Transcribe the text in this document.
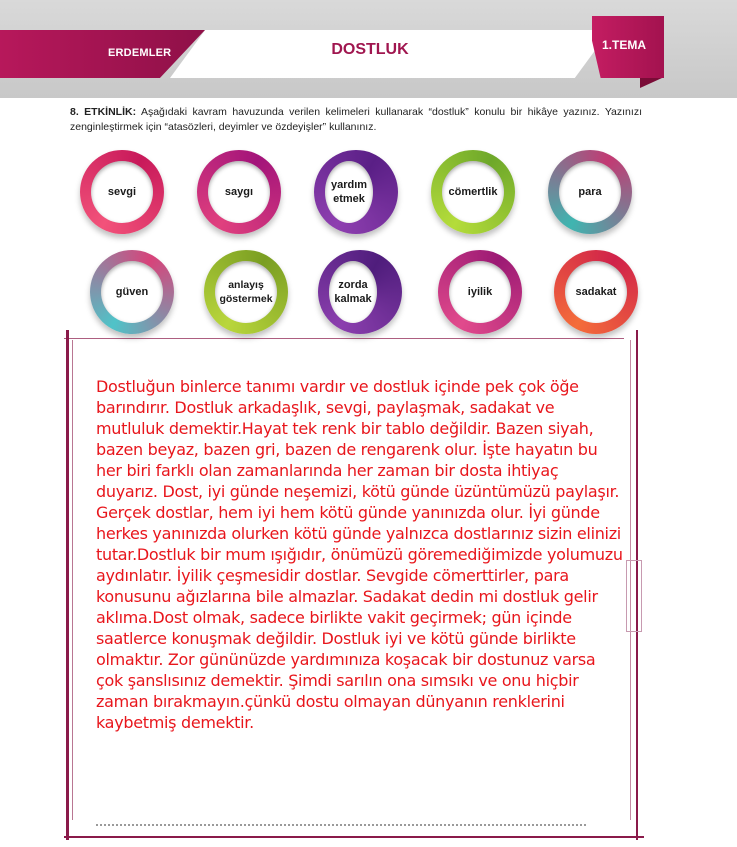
ERDEMLER	DOSTLUK	1.TEMA
8. ETKİNLİK: Aşağıdaki kavram havuzunda verilen kelimeleri kullanarak “dostluk” konulu bir hikâye yazınız. Yazınızı zenginleştirmek için “atasözleri, deyimler ve özdeyişler” kullanınız.
sevgi	saygı
yardım etmek
cömertlik	para
güven
anlayış göstermek
zorda kalmak
iyilik	sadakat
Dostluğun binlerce tanımı vardır ve dostluk içinde pek çok öğe barındırır. Dostluk arkadaşlık, sevgi, paylaşmak, sadakat ve mutluluk demektir.Hayat tek renk bir tablo değildir. Bazen siyah, bazen beyaz, bazen gri, bazen de rengarenk olur. İşte hayatın bu her biri farklı olan zamanlarında her zaman bir dosta ihtiyaç duyarız. Dost, iyi günde neşemizi, kötü günde üzüntümüzü paylaşır. Gerçek dostlar, hem iyi hem kötü günde yanınızda olur. İyi günde herkes yanınızda olurken kötü günde yalnızca dostlarınız sizin elinizi tutar.Dostluk bir mum ışığıdır, önümüzü göremediğimizde yolumuzu aydınlatır. İyilik çeşmesidir dostlar. Sevgide cömerttirler, para konusunu ağızlarına bile almazlar. Sadakat dedin mi dostluk gelir aklıma.Dost olmak, sadece birlikte vakit geçirmek; gün içinde saatlerce konuşmak değildir. Dostluk iyi ve kötü günde birlikte olmaktır. Zor gününüzde yardımınıza koşacak bir dostunuz varsa çok şanslısınız demektir. Şimdi sarılın ona sımsıkı ve onu hiçbir zaman bırakmayın.çünkü dostu olmayan dünyanın renklerini kaybetmiş demektir.
